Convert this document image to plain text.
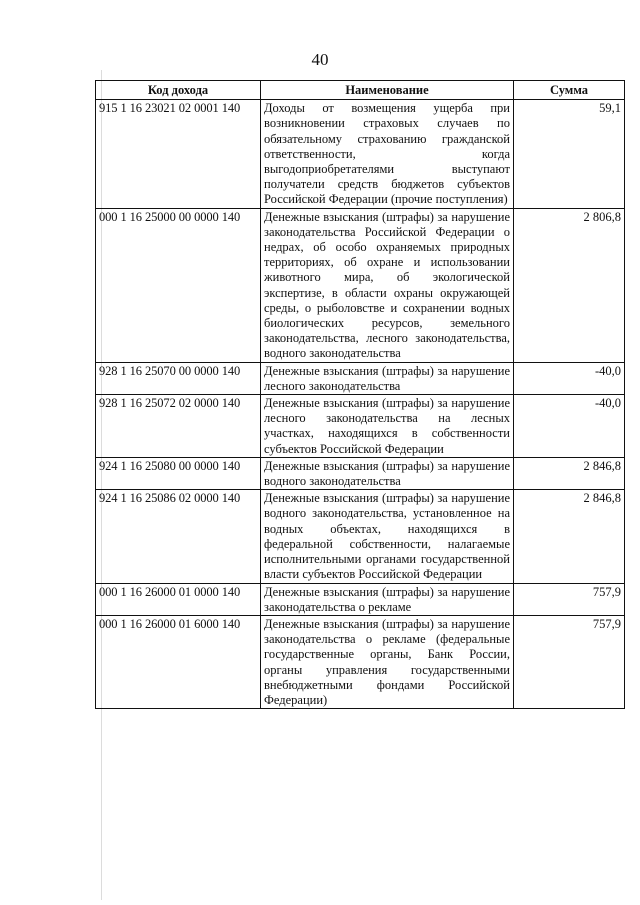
40
Код дохода	Наименование	Сумма
915 1 16 23021 02 0001 140	Доходы от возмещения ущерба при возникновении страховых случаев по обязательному страхованию гражданской ответственности, когда выгодоприобретателями выступают получатели средств бюджетов субъектов Российской Федерации (прочие поступления)	59,1
000 1 16 25000 00 0000 140	Денежные взыскания (штрафы) за нарушение законодательства Российской Федерации о недрах, об особо охраняемых природных территориях, об охране и использовании животного мира, об экологической экспертизе, в области охраны окружающей среды, о рыболовстве и сохранении водных биологических ресурсов, земельного законодательства, лесного законодательства, водного законодательства	2 806,8
928 1 16 25070 00 0000 140	Денежные взыскания (штрафы) за нарушение лесного законодательства	-40,0
928 1 16 25072 02 0000 140	Денежные взыскания (штрафы) за нарушение лесного законодательства на лесных участках, находящихся в собственности субъектов Российской Федерации	-40,0
924 1 16 25080 00 0000 140	Денежные взыскания (штрафы) за нарушение водного законодательства	2 846,8
924 1 16 25086 02 0000 140	Денежные взыскания (штрафы) за нарушение водного законодательства, установленное на водных объектах, находящихся в федеральной собственности, налагаемые исполнительными органами государственной власти субъектов Российской Федерации	2 846,8
000 1 16 26000 01 0000 140	Денежные взыскания (штрафы) за нарушение законодательства о рекламе	757,9
000 1 16 26000 01 6000 140	Денежные взыскания (штрафы) за нарушение законодательства о рекламе (федеральные государственные органы, Банк России, органы управления государственными внебюджетными фондами Российской Федерации)	757,9
